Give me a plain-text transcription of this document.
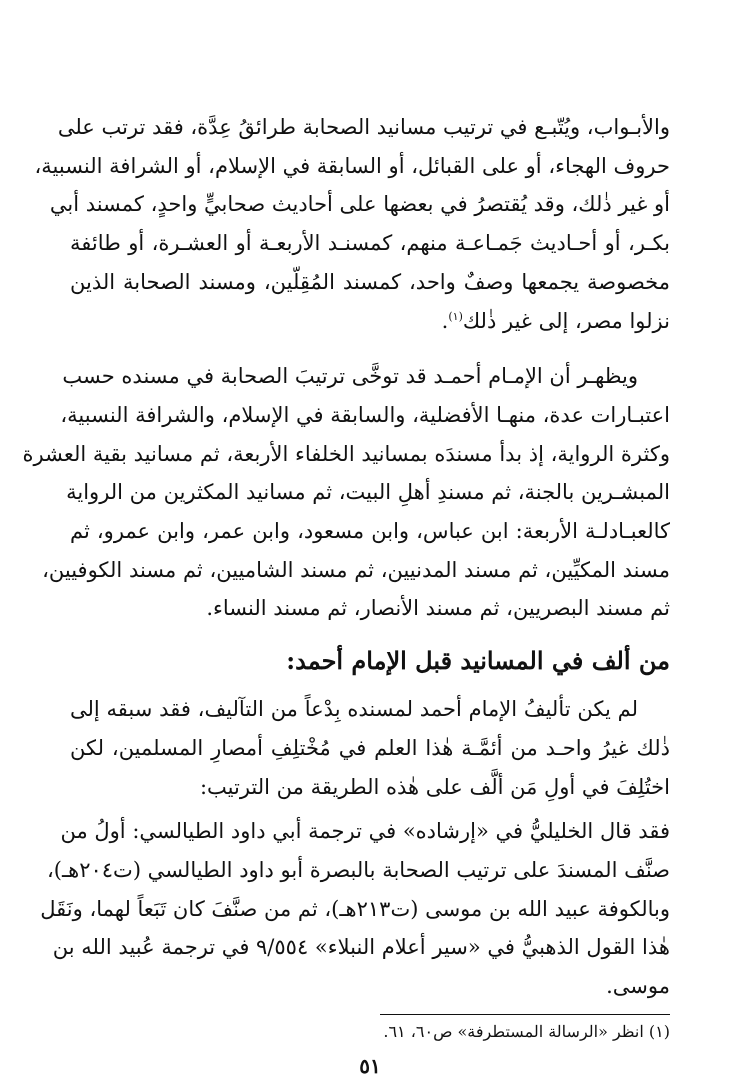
والأبـواب، ويُتّبـع في ترتيب مسانيد الصحابة طرائقُ عِدَّة، فقد ترتب على
حروف الهجاء، أو على القبائل، أو السابقة في الإسلام، أو الشرافة النسبية،
أو غير ذٰلك، وقد يُقتصرُ في بعضها على أحاديث صحابيٍّ واحدٍ، كمسند أبي
بكـر، أو أحـاديث جَمـاعـة منهم، كمسنـد الأربعـة أو العشـرة، أو طائفة
مخصوصة يجمعها وصفٌ واحد، كمسند المُقِلّين، ومسند الصحابة الذين
نزلوا مصر، إلى غير ذٰلك$^{(١)}$.

ويظهـر أن الإمـام أحمـد قد توخَّى ترتيبَ الصحابة في مسنده حسب
اعتبـارات عدة، منهـا الأفضلية، والسابقة في الإسلام، والشرافة النسبية،
وكثرة الرواية، إذ بدأ مسندَه بمسانيد الخلفاء الأربعة، ثم مسانيد بقية العشرة
المبشـرين بالجنة، ثم مسندِ أهلِ البيت، ثم مسانيد المكثرين من الرواية
كالعبـادلـة الأربعة: ابن عباس، وابن مسعود، وابن عمر، وابن عمرو، ثم
مسند المكيِّين، ثم مسند المدنيين، ثم مسند الشاميين، ثم مسند الكوفيين،
ثم مسند البصريين، ثم مسند الأنصار، ثم مسند النساء.

من ألف في المسانيد قبل الإمام أحمد:

لم يكن تأليفُ الإمام أحمد لمسنده بِدْعاً من التآليف، فقد سبقه إلى
ذٰلك غيرُ واحـد من أئمَّـة هٰذا العلم في مُخْتلِفِ أمصارِ المسلمين، لكن
اختُلِفَ في أولِ مَن ألَّف على هٰذه الطريقة من الترتيب:

فقد قال الخليليُّ في «إرشاده» في ترجمة أبي داود الطيالسي: أولُ من
صنَّف المسندَ على ترتيب الصحابة بالبصرة أبو داود الطيالسي (ت٢٠٤هـ)،
وبالكوفة عبيد الله بن موسى (ت٢١٣هـ)، ثم من صنَّفَ كان تَبَعاً لهما، ونَقَل
هٰذا القول الذهبيُّ في «سير أعلام النبلاء» ٩/٥٥٤ في ترجمة عُبيد الله بن
موسى.

(١) انظر «الرسالة المستطرفة» ص٦٠، ٦١.

٥١
